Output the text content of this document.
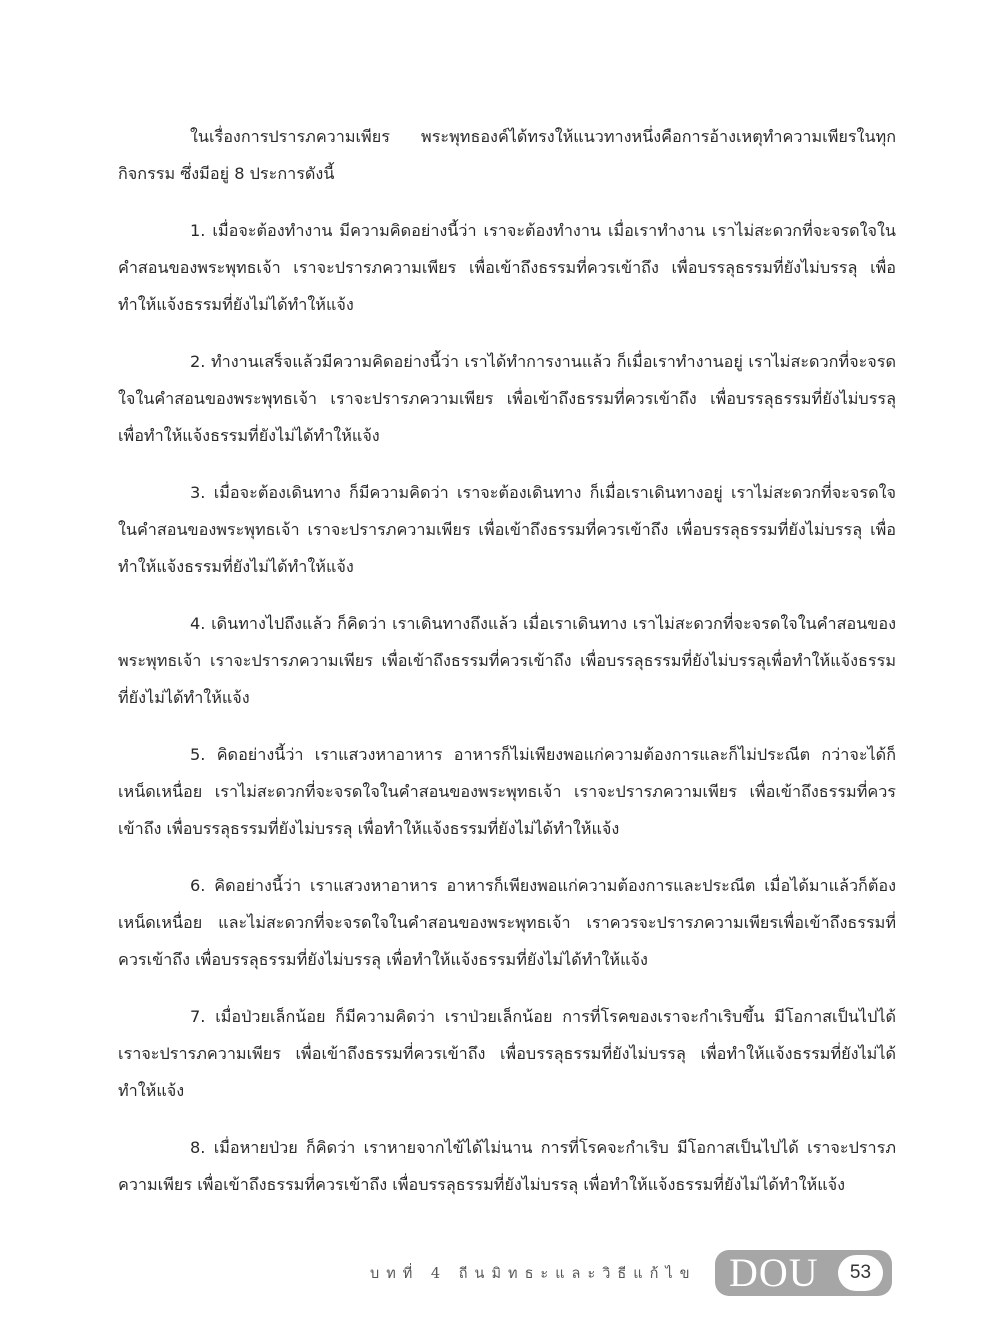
ในเรื่องการปรารภความเพียร พระพุทธองค์ได้ทรงให้แนวทางหนึ่งคือการอ้างเหตุทำความเพียรในทุกกิจกรรม ซึ่งมีอยู่ 8 ประการดังนี้

1. เมื่อจะต้องทำงาน มีความคิดอย่างนี้ว่า เราจะต้องทำงาน เมื่อเราทำงาน เราไม่สะดวกที่จะจรดใจในคำสอนของพระพุทธเจ้า เราจะปรารภความเพียร เพื่อเข้าถึงธรรมที่ควรเข้าถึง เพื่อบรรลุธรรมที่ยังไม่บรรลุ เพื่อทำให้แจ้งธรรมที่ยังไม่ได้ทำให้แจ้ง

2. ทำงานเสร็จแล้วมีความคิดอย่างนี้ว่า เราได้ทำการงานแล้ว ก็เมื่อเราทำงานอยู่ เราไม่สะดวกที่จะจรดใจในคำสอนของพระพุทธเจ้า เราจะปรารภความเพียร เพื่อเข้าถึงธรรมที่ควรเข้าถึง เพื่อบรรลุธรรมที่ยังไม่บรรลุ เพื่อทำให้แจ้งธรรมที่ยังไม่ได้ทำให้แจ้ง

3. เมื่อจะต้องเดินทาง ก็มีความคิดว่า เราจะต้องเดินทาง ก็เมื่อเราเดินทางอยู่ เราไม่สะดวกที่จะจรดใจในคำสอนของพระพุทธเจ้า เราจะปรารภความเพียร เพื่อเข้าถึงธรรมที่ควรเข้าถึง เพื่อบรรลุธรรมที่ยังไม่บรรลุ เพื่อทำให้แจ้งธรรมที่ยังไม่ได้ทำให้แจ้ง

4. เดินทางไปถึงแล้ว ก็คิดว่า เราเดินทางถึงแล้ว เมื่อเราเดินทาง เราไม่สะดวกที่จะจรดใจในคำสอนของพระพุทธเจ้า เราจะปรารภความเพียร เพื่อเข้าถึงธรรมที่ควรเข้าถึง เพื่อบรรลุธรรมที่ยังไม่บรรลุเพื่อทำให้แจ้งธรรมที่ยังไม่ได้ทำให้แจ้ง

5. คิดอย่างนี้ว่า เราแสวงหาอาหาร อาหารก็ไม่เพียงพอแก่ความต้องการและก็ไม่ประณีต กว่าจะได้ก็เหน็ดเหนื่อย เราไม่สะดวกที่จะจรดใจในคำสอนของพระพุทธเจ้า เราจะปรารภความเพียร เพื่อเข้าถึงธรรมที่ควรเข้าถึง เพื่อบรรลุธรรมที่ยังไม่บรรลุ เพื่อทำให้แจ้งธรรมที่ยังไม่ได้ทำให้แจ้ง

6. คิดอย่างนี้ว่า เราแสวงหาอาหาร อาหารก็เพียงพอแก่ความต้องการและประณีต เมื่อได้มาแล้วก็ต้องเหน็ดเหนื่อย และไม่สะดวกที่จะจรดใจในคำสอนของพระพุทธเจ้า เราควรจะปรารภความเพียรเพื่อเข้าถึงธรรมที่ควรเข้าถึง เพื่อบรรลุธรรมที่ยังไม่บรรลุ เพื่อทำให้แจ้งธรรมที่ยังไม่ได้ทำให้แจ้ง

7. เมื่อป่วยเล็กน้อย ก็มีความคิดว่า เราป่วยเล็กน้อย การที่โรคของเราจะกำเริบขึ้น มีโอกาสเป็นไปได้ เราจะปรารภความเพียร เพื่อเข้าถึงธรรมที่ควรเข้าถึง เพื่อบรรลุธรรมที่ยังไม่บรรลุ เพื่อทำให้แจ้งธรรมที่ยังไม่ได้ทำให้แจ้ง

8. เมื่อหายป่วย ก็คิดว่า เราหายจากไข้ได้ไม่นาน การที่โรคจะกำเริบ มีโอกาสเป็นไปได้ เราจะปรารภความเพียร เพื่อเข้าถึงธรรมที่ควรเข้าถึง เพื่อบรรลุธรรมที่ยังไม่บรรลุ เพื่อทำให้แจ้งธรรมที่ยังไม่ได้ทำให้แจ้ง

บทที่ 4 ถีนมิทธะและวิธีแก้ไข DOU	53
